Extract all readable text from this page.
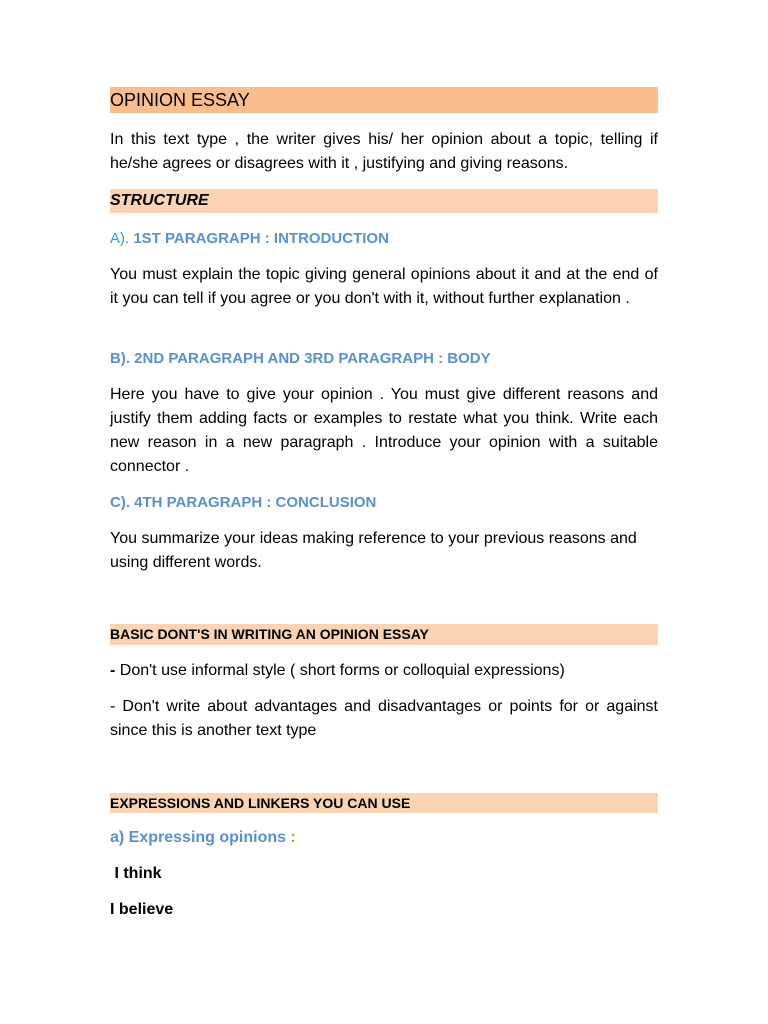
OPINION ESSAY

In this text type , the writer gives his/ her opinion about a topic, telling if he/she agrees or disagrees with it , justifying and giving reasons.

STRUCTURE

A). 1ST PARAGRAPH : INTRODUCTION

You must explain the topic giving general opinions about it and at the end of it you can tell if you agree or you don't with it, without further explanation .

B). 2ND PARAGRAPH AND 3RD PARAGRAPH : BODY

Here you have to give your opinion . You must give different reasons and justify them adding facts or examples to restate what you think. Write each new reason in a new paragraph . Introduce your opinion with a suitable connector .

C). 4TH PARAGRAPH : CONCLUSION

You summarize your ideas making reference to your previous reasons and using different words.

BASIC DONT'S IN WRITING AN OPINION ESSAY

- Don't use informal style ( short forms or colloquial expressions)

- Don't write about advantages and disadvantages or points for or against since this is another text type

EXPRESSIONS AND LINKERS YOU CAN USE

a) Expressing opinions :

I think

I believe
